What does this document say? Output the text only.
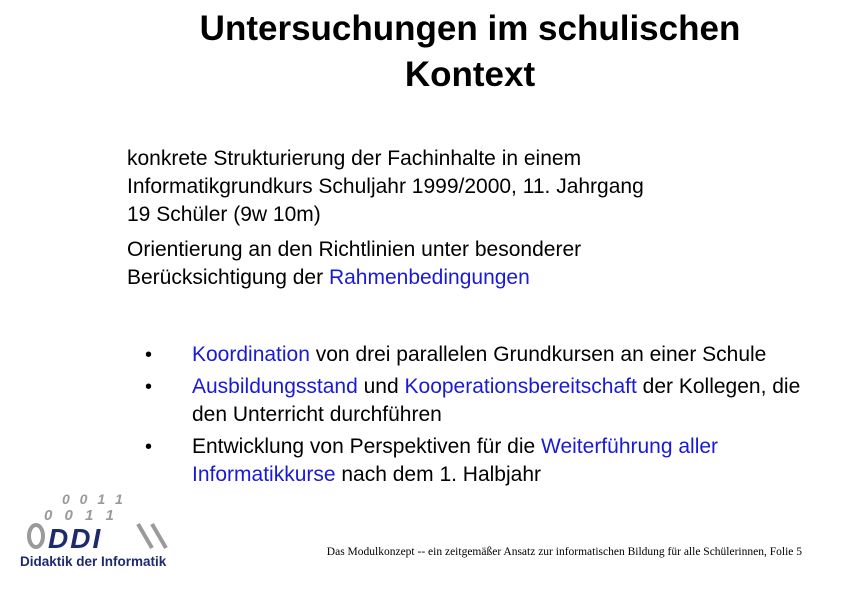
Untersuchungen im schulischen
Kontext

konkrete Strukturierung der Fachinhalte in einem
Informatikgrundkurs Schuljahr 1999/2000, 11. Jahrgang
19 Schüler (9w 10m)

Orientierung an den Richtlinien unter besonderer
Berücksichtigung der Rahmenbedingungen

• Koordination von drei parallelen Grundkursen an einer Schule
• Ausbildungsstand und Kooperationsbereitschaft der Kollegen, die den Unterricht durchführen
• Entwicklung von Perspektiven für die Weiterführung aller Informatikkurse nach dem 1. Halbjahr
0 0 1 1
0 0 1 1
DDI
Didaktik der Informatik
Das Modulkonzept -- ein zeitgemäßer Ansatz zur informatischen Bildung für alle Schülerinnen, Folie 5
